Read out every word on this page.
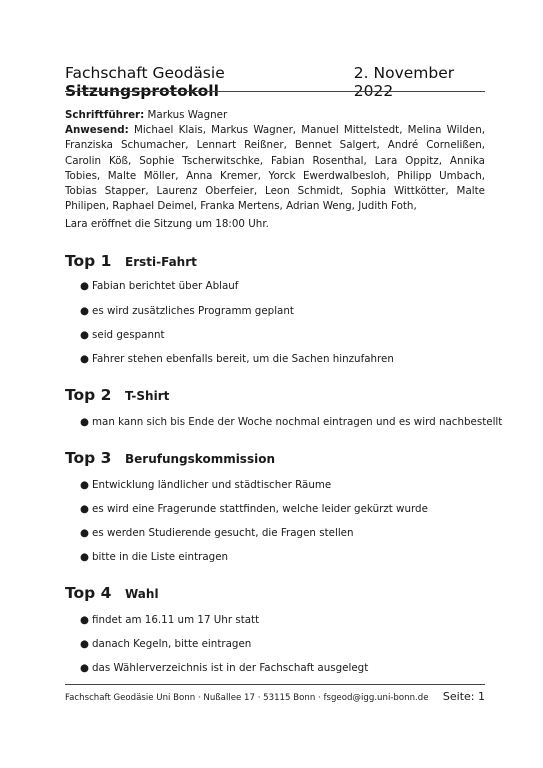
Fachschaft Geodäsie Sitzungsprotokoll
2. November 2022

Schriftführer: Markus Wagner

Anwesend: Michael Klais, Markus Wagner, Manuel Mittelstedt, Melina Wilden, Franziska Schumacher, Lennart Reißner, Bennet Salgert, André Cornelißen, Carolin Köß, Sophie Tscherwitschke, Fabian Rosenthal, Lara Oppitz, Annika Tobies, Malte Möller, Anna Kremer, Yorck Ewerdwalbesloh, Philipp Umbach, Tobias Stapper, Laurenz Oberfeier, Leon Schmidt, Sophia Wittkötter, Malte Philipen, Raphael Deimel, Franka Mertens, Adrian Weng, Judith Foth,

Lara eröffnet die Sitzung um 18:00 Uhr.
Top 1	Ersti-Fahrt
● Fabian berichtet über Ablauf
● es wird zusätzliches Programm geplant
● seid gespannt
● Fahrer stehen ebenfalls bereit, um die Sachen hinzufahren
Top 2	T-Shirt
● man kann sich bis Ende der Woche nochmal eintragen und es wird nachbestellt
Top 3	Berufungskommission
● Entwicklung ländlicher und städtischer Räume
● es wird eine Fragerunde stattfinden, welche leider gekürzt wurde
● es werden Studierende gesucht, die Fragen stellen
● bitte in die Liste eintragen
Top 4	Wahl
● findet am 16.11 um 17 Uhr statt
● danach Kegeln, bitte eintragen
● das Wählerverzeichnis ist in der Fachschaft ausgelegt
Fachschaft Geodäsie Uni Bonn · Nußallee 17 · 53115 Bonn · fsgeod@igg.uni-bonn.de Seite: 1
